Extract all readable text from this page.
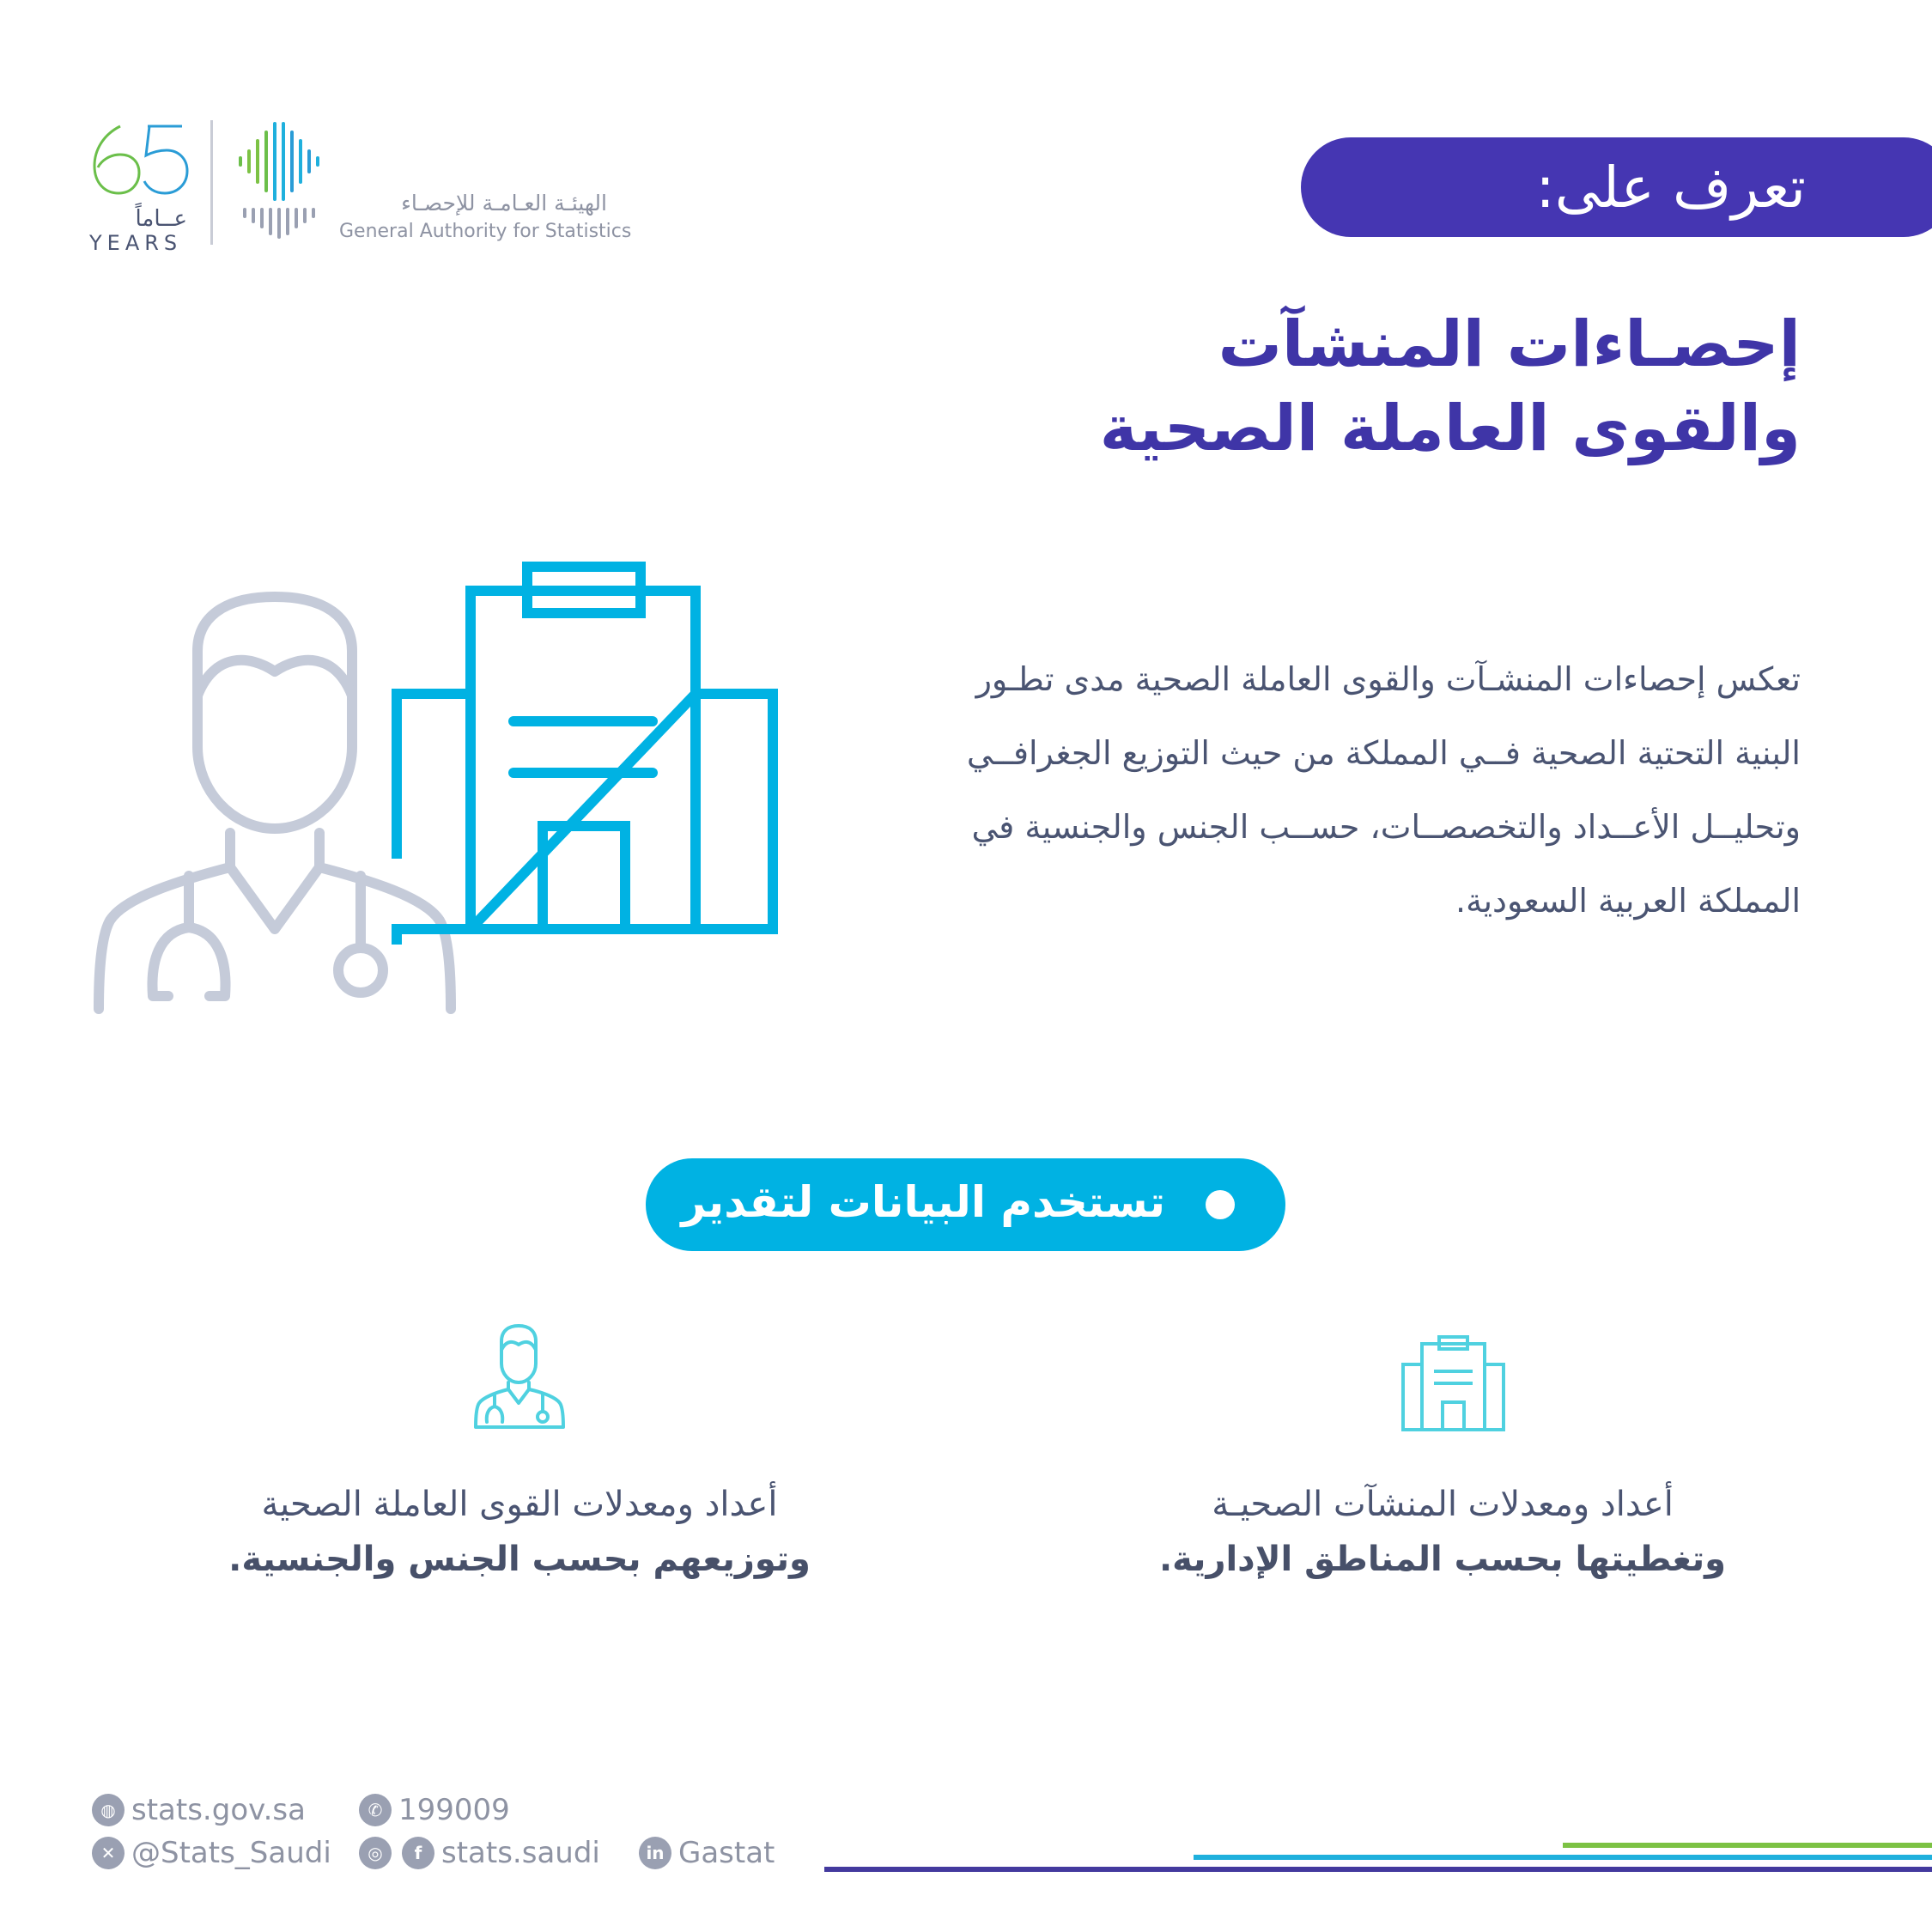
عــاماً
YEARS
الهيئـة العـامـة للإحصـاء
General Authority for Statistics
تعرف على:
إحصـاءات المنشآت
والقوى العاملة الصحية
تعكس إحصاءات المنشـآت والقوى العاملة الصحية مدى تطـور البنية التحتية الصحية فــي المملكة من حيث التوزيع الجغرافــي وتحليــل الأعــداد والتخصصــات، حســب الجنس والجنسية في المملكة العربية السعودية.
تستخدم البيانات لتقدير
أعداد ومعدلات القوى العاملة الصحية
وتوزيعهم بحسب الجنس والجنسية.
أعداد ومعدلات المنشآت الصحيـة
وتغطيتها بحسب المناطق الإدارية.
◍ stats.gov.sa	✆ 199009
✕ @Stats_Saudi	◎	f stats.saudi	in Gastat
